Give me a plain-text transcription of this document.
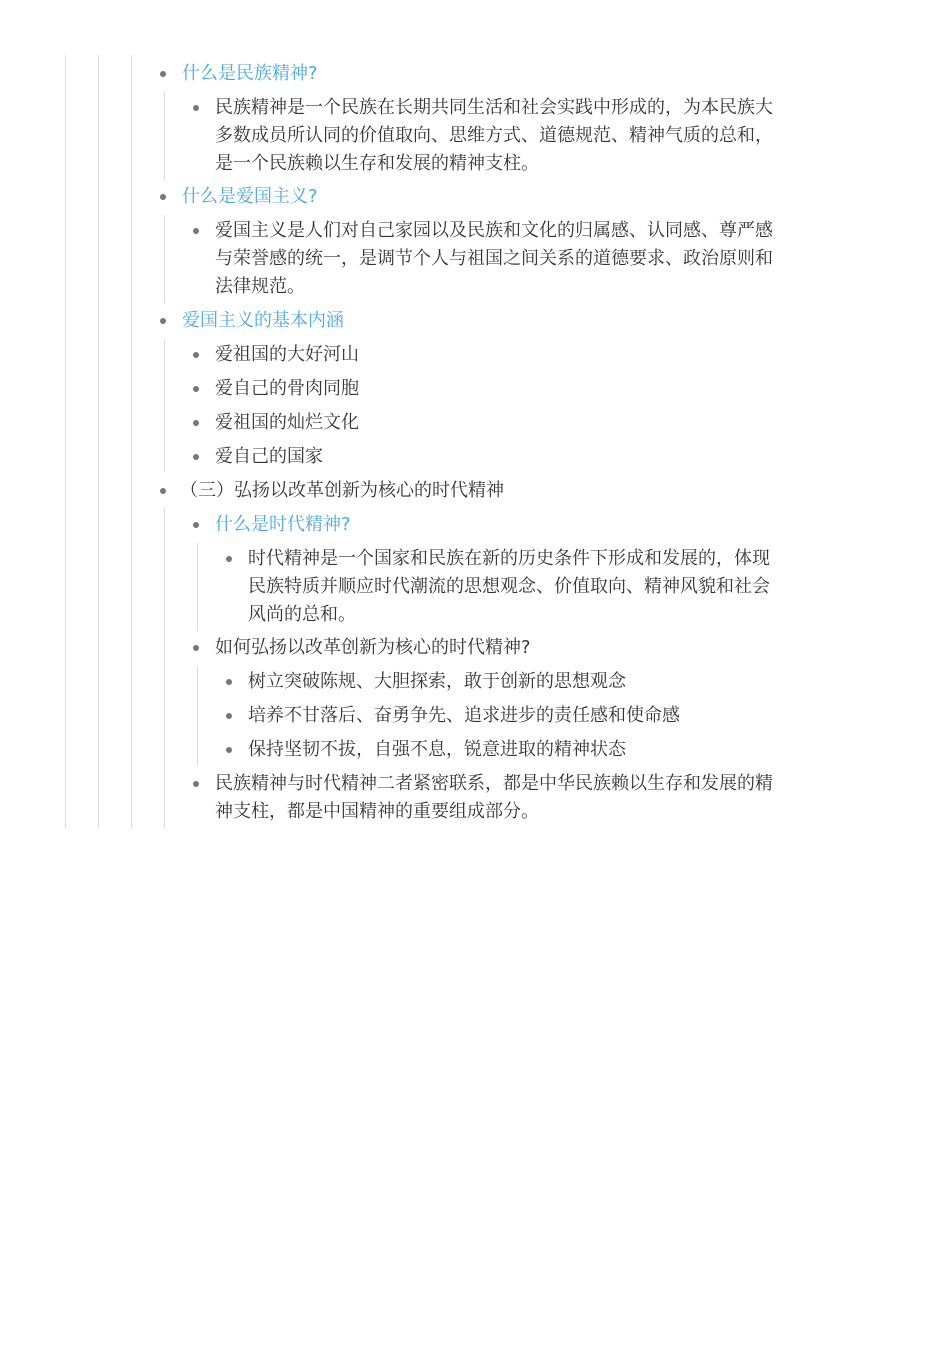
什么是民族精神?
民族精神是一个民族在长期共同生活和社会实践中形成的，为本民族大
多数成员所认同的价值取向、思维方式、道德规范、精神气质的总和，
是一个民族赖以生存和发展的精神支柱。
什么是爱国主义?
爱国主义是人们对自己家园以及民族和文化的归属感、认同感、尊严感
与荣誉感的统一，是调节个人与祖国之间关系的道德要求、政治原则和
法律规范。
爱国主义的基本内涵
爱祖国的大好河山
爱自己的骨肉同胞
爱祖国的灿烂文化
爱自己的国家
（三）弘扬以改革创新为核心的时代精神
什么是时代精神?
时代精神是一个国家和民族在新的历史条件下形成和发展的，体现
民族特质并顺应时代潮流的思想观念、价值取向、精神风貌和社会
风尚的总和。
如何弘扬以改革创新为核心的时代精神?
树立突破陈规、大胆探索，敢于创新的思想观念
培养不甘落后、奋勇争先、追求进步的责任感和使命感
保持坚韧不拔，自强不息，锐意进取的精神状态
民族精神与时代精神二者紧密联系，都是中华民族赖以生存和发展的精
神支柱，都是中国精神的重要组成部分。
